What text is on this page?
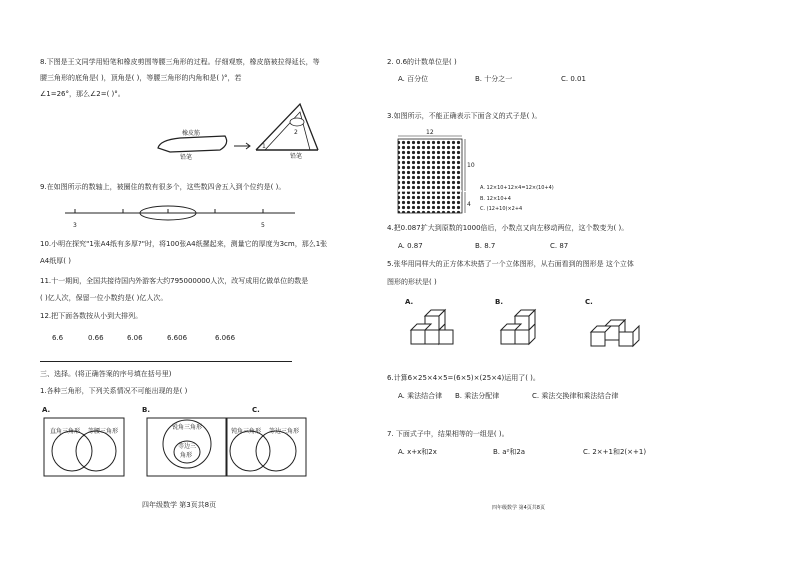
8.下图是王文同学用铅笔和橡皮剪围等腰三角形的过程。仔细观察，橡皮筋被拉得延长，等
腰三角形的底角是( )，顶角是( )，等腰三角形的内角和是( )°，若
∠1=26°，那么∠2=( )°。
橡皮筋
铅笔
2
1
铅笔
9.在如图所示的数轴上，被圈住的数有很多个，这些数四舍五入到个位约是( )。
3	5
10.小明在探究"1张A4纸有多厚?"时，将100张A4纸摞起来，测量它的厚度为3cm，那么1张
A4纸厚( )
11.十一期间，全国共接待国内外游客大约795000000人次，改写成用亿做单位的数是
( )亿人次，保留一位小数约是( )亿人次。
12.把下面各数按从小到大排列。
6.6	0.66	6.06	6.606	6.066
三、选择。(将正确答案的序号填在括号里)
1.各种三角形，下列关系情况不可能出现的是( )
A.
直角三角形 等腰三角形
B.
锐角三角形
等边三
角形
C.
钝角三角形 等边三角形
四年级数学 第3页共8页
2. 0.6的计数单位是( )
A. 百分位	B. 十分之一	C. 0.01
3.如图所示，不能正确表示下面含义的式子是( )。
12
10
4
A. 12×10+12×4=12×(10+4)
B. 12×10+4
C. (12+10)×2+4
4.把0.087扩大到原数的1000倍后，小数点又向左移动两位，这个数变为( )。
A. 0.87	B. 8.7	C. 87
5.张华用同样大的正方体木块搭了一个立体图形，从右面看到的图形是 这个立体
图形的形状是( )
A.	B.	C.
6.计算6×25×4×5=(6×5)×(25×4)运用了( )。
A. 乘法结合律 B. 乘法分配律	C. 乘法交换律和乘法结合律
7. 下面式子中，结果相等的一组是( )。
A. x+x和2x	B. a²和2a	C. 2×+1和2(×+1)
四年级数学 第4页共8页
